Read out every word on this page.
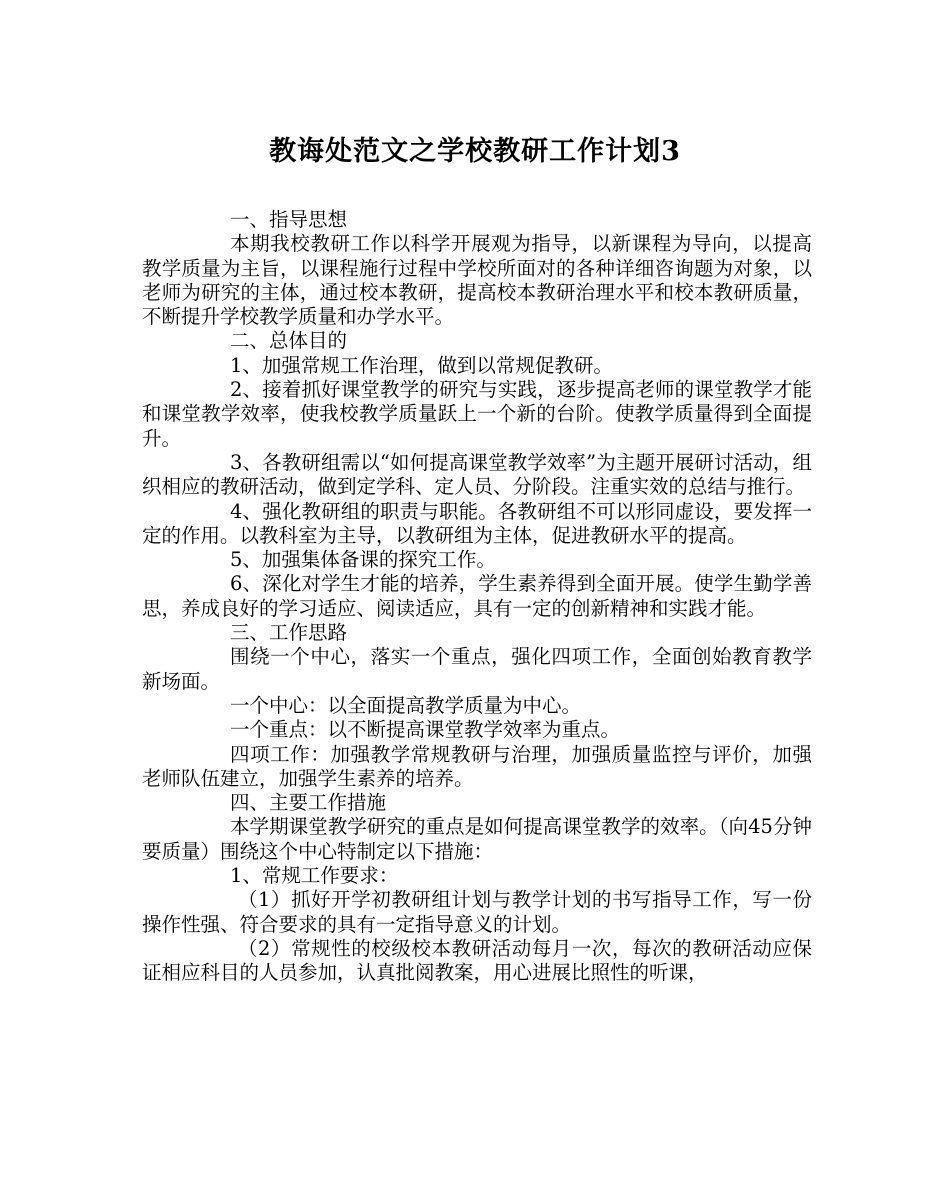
教诲处范文之学校教研工作计划3

一、指导思想

本期我校教研工作以科学开展观为指导，以新课程为导向，以提高教学质量为主旨，以课程施行过程中学校所面对的各种详细咨询题为对象，以老师为研究的主体，通过校本教研，提高校本教研治理水平和校本教研质量，不断提升学校教学质量和办学水平。

二、总体目的

1、加强常规工作治理，做到以常规促教研。

2、接着抓好课堂教学的研究与实践，逐步提高老师的课堂教学才能和课堂教学效率，使我校教学质量跃上一个新的台阶。使教学质量得到全面提升。

3、各教研组需以“如何提高课堂教学效率”为主题开展研讨活动，组织相应的教研活动，做到定学科、定人员、分阶段。注重实效的总结与推行。

4、强化教研组的职责与职能。各教研组不可以形同虚设，要发挥一定的作用。以教科室为主导，以教研组为主体，促进教研水平的提高。

5、加强集体备课的探究工作。

6、深化对学生才能的培养，学生素养得到全面开展。使学生勤学善思，养成良好的学习适应、阅读适应，具有一定的创新精神和实践才能。

三、工作思路

围绕一个中心，落实一个重点，强化四项工作，全面创始教育教学新场面。

一个中心：以全面提高教学质量为中心。

一个重点：以不断提高课堂教学效率为重点。

四项工作：加强教学常规教研与治理，加强质量监控与评价，加强老师队伍建立，加强学生素养的培养。

四、主要工作措施

本学期课堂教学研究的重点是如何提高课堂教学的效率。（向45分钟要质量）围绕这个中心特制定以下措施：

1、常规工作要求：

（1）抓好开学初教研组计划与教学计划的书写指导工作，写一份操作性强、符合要求的具有一定指导意义的计划。

（2）常规性的校级校本教研活动每月一次，每次的教研活动应保证相应科目的人员参加，认真批阅教案，用心进展比照性的听课，
